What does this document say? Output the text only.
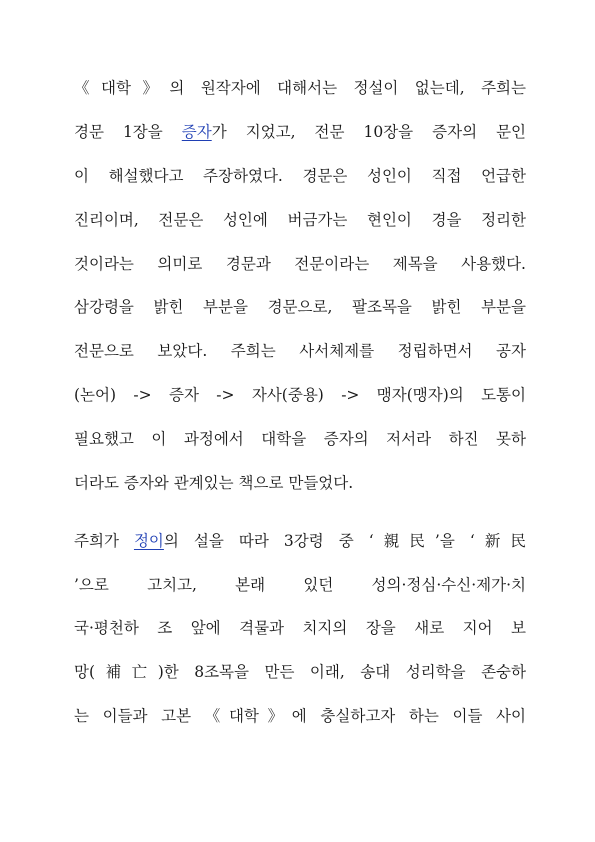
《대학》의 원작자에 대해서는 정설이 없는데, 주희는
경문 1장을 증자가 지었고, 전문 10장을 증자의 문인
이 해설했다고 주장하였다. 경문은 성인이 직접 언급한
진리이며, 전문은 성인에 버금가는 현인이 경을 정리한
것이라는 의미로 경문과 전문이라는 제목을 사용했다.
삼강령을 밝힌 부분을 경문으로, 팔조목을 밝힌 부분을
전문으로 보았다. 주희는 사서체제를 정립하면서 공자
(논어) -> 증자 -> 자사(중용) -> 맹자(맹자)의 도통이
필요했고 이 과정에서 대학을 증자의 저서라 하진 못하
더라도 증자와 관계있는 책으로 만들었다.
주희가 정이의 설을 따라 3강령 중 ‘親民’을 ‘新民
’으로 고치고, 본래 있던 성의·정심·수신·제가·치
국·평천하 조 앞에 격물과 치지의 장을 새로 지어 보
망(補亡)한 8조목을 만든 이래, 송대 성리학을 존숭하
는 이들과 고본 《대학》에 충실하고자 하는 이들 사이
